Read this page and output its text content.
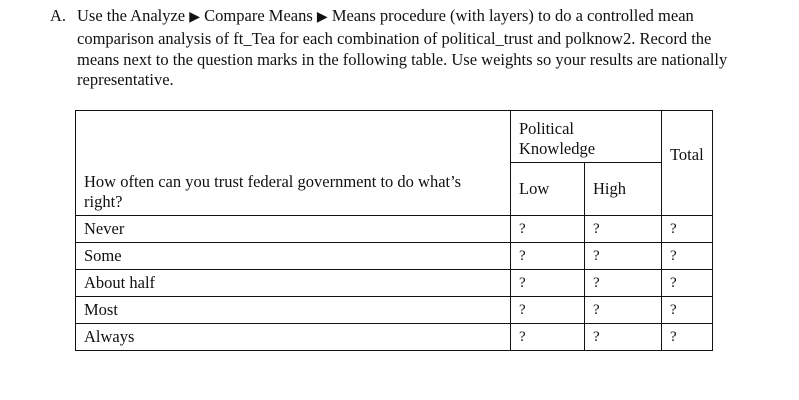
A. Use the Analyze ▶ Compare Means ▶ Means procedure (with layers) to do a controlled mean comparison analysis of ft_Tea for each combination of political_trust and polknow2. Record the means next to the question marks in the following table. Use weights so your results are nationally representative.
	Political Knowledge		Total
How often can you trust federal government to do what’s right?	Low	High	
Never	?	?	?
Some	?	?	?
About half	?	?	?
Most	?	?	?
Always	?	?	?
